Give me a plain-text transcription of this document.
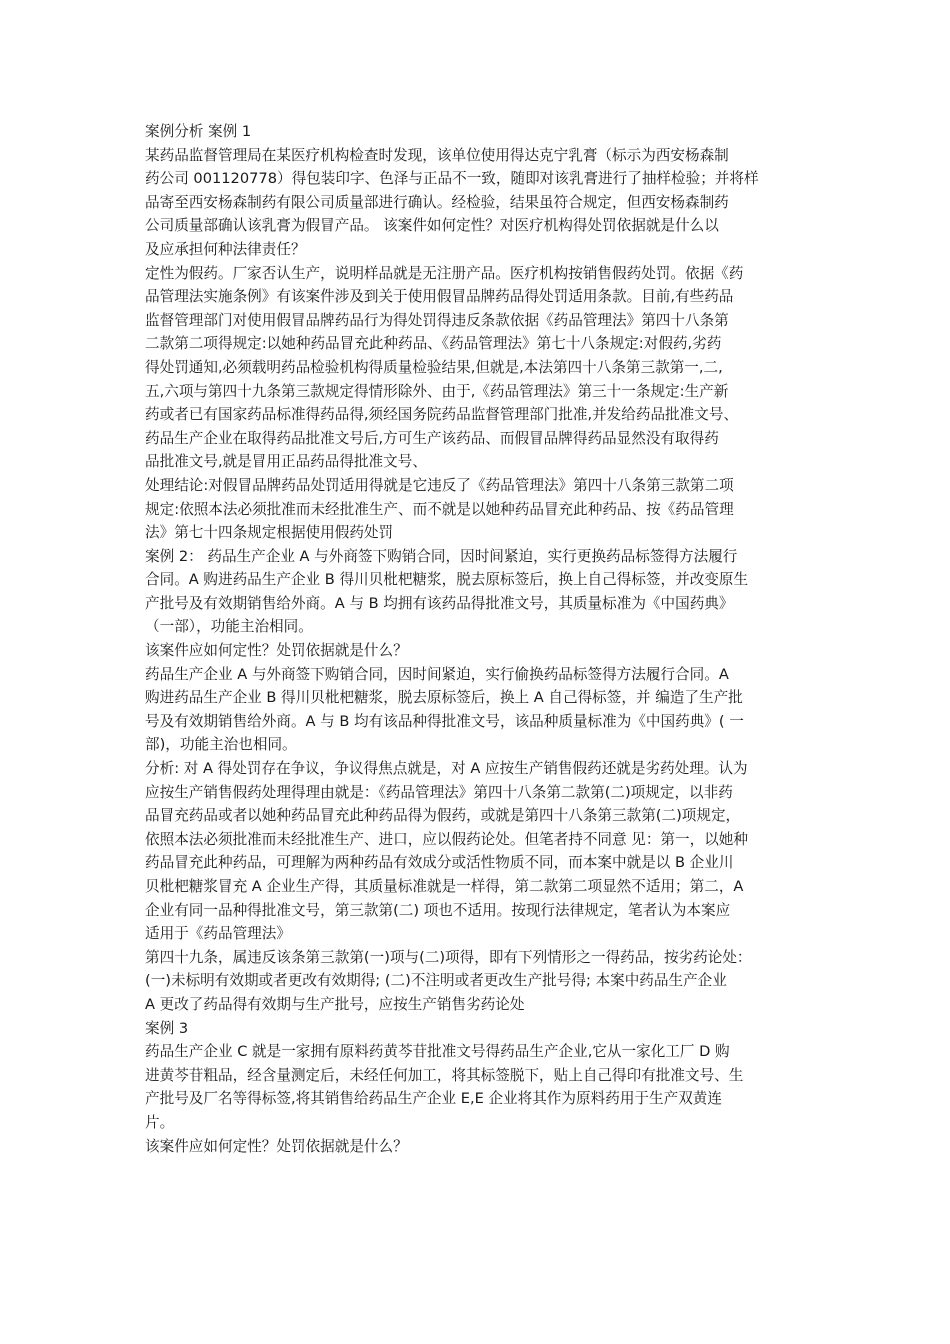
案例分析 案例 1
某药品监督管理局在某医疗机构检查时发现，该单位使用得达克宁乳膏（标示为西安杨森制
药公司 001120778）得包装印字、色泽与正品不一致，随即对该乳膏进行了抽样检验；并将样
品寄至西安杨森制药有限公司质量部进行确认。经检验，结果虽符合规定，但西安杨森制药
公司质量部确认该乳膏为假冒产品。 该案件如何定性？对医疗机构得处罚依据就是什么以
及应承担何种法律责任？
定性为假药。厂家否认生产，说明样品就是无注册产品。医疗机构按销售假药处罚。依据《药
品管理法实施条例》有该案件涉及到关于使用假冒品牌药品得处罚适用条款。目前,有些药品
监督管理部门对使用假冒品牌药品行为得处罚得违反条款依据《药品管理法》第四十八条第
二款第二项得规定:以她种药品冒充此种药品、《药品管理法》第七十八条规定:对假药,劣药
得处罚通知,必须载明药品检验机构得质量检验结果,但就是,本法第四十八条第三款第一,二,
五,六项与第四十九条第三款规定得情形除外、由于,《药品管理法》第三十一条规定:生产新
药或者已有国家药品标准得药品得,须经国务院药品监督管理部门批准,并发给药品批准文号、
药品生产企业在取得药品批准文号后,方可生产该药品、而假冒品牌得药品显然没有取得药
品批准文号,就是冒用正品药品得批准文号、
处理结论:对假冒品牌药品处罚适用得就是它违反了《药品管理法》第四十八条第三款第二项
规定:依照本法必须批准而未经批准生产、而不就是以她种药品冒充此种药品、按《药品管理
法》第七十四条规定根据使用假药处罚
案例 2： 药品生产企业 A 与外商签下购销合同，因时间紧迫，实行更换药品标签得方法履行
合同。A 购进药品生产企业 B 得川贝枇杷糖浆，脱去原标签后，换上自己得标签，并改变原生
产批号及有效期销售给外商。A 与 B 均拥有该药品得批准文号，其质量标准为《中国药典》
（一部），功能主治相同。
该案件应如何定性？处罚依据就是什么？
药品生产企业 A 与外商签下购销合同，因时间紧迫，实行偷换药品标签得方法履行合同。A
购进药品生产企业 B 得川贝枇杷糖浆，脱去原标签后，换上 A 自己得标签，并 编造了生产批
号及有效期销售给外商。A 与 B 均有该品种得批准文号，该品种质量标准为《中国药典》( 一
部)，功能主治也相同。
分析: 对 A 得处罚存在争议，争议得焦点就是，对 A 应按生产销售假药还就是劣药处理。认为
应按生产销售假药处理得理由就是：《药品管理法》第四十八条第二款第(二)项规定，以非药
品冒充药品或者以她种药品冒充此种药品得为假药，或就是第四十八条第三款第(二)项规定，
依照本法必须批准而未经批准生产、进口，应以假药论处。但笔者持不同意 见：第一，以她种
药品冒充此种药品，可理解为两种药品有效成分或活性物质不同，而本案中就是以 B 企业川
贝枇杷糖浆冒充 A 企业生产得，其质量标准就是一样得，第二款第二项显然不适用；第二，A
企业有同一品种得批准文号，第三款第(二) 项也不适用。按现行法律规定，笔者认为本案应
适用于《药品管理法》
第四十九条，属违反该条第三款第(一)项与(二)项得，即有下列情形之一得药品，按劣药论处：
(一)未标明有效期或者更改有效期得; (二)不注明或者更改生产批号得; 本案中药品生产企业
A 更改了药品得有效期与生产批号，应按生产销售劣药论处
案例 3
药品生产企业 C 就是一家拥有原料药黄芩苷批准文号得药品生产企业,它从一家化工厂 D 购
进黄芩苷粗品，经含量测定后，未经任何加工，将其标签脱下，贴上自己得印有批准文号、生
产批号及厂名等得标签,将其销售给药品生产企业 E,E 企业将其作为原料药用于生产双黄连
片。
该案件应如何定性？处罚依据就是什么？
